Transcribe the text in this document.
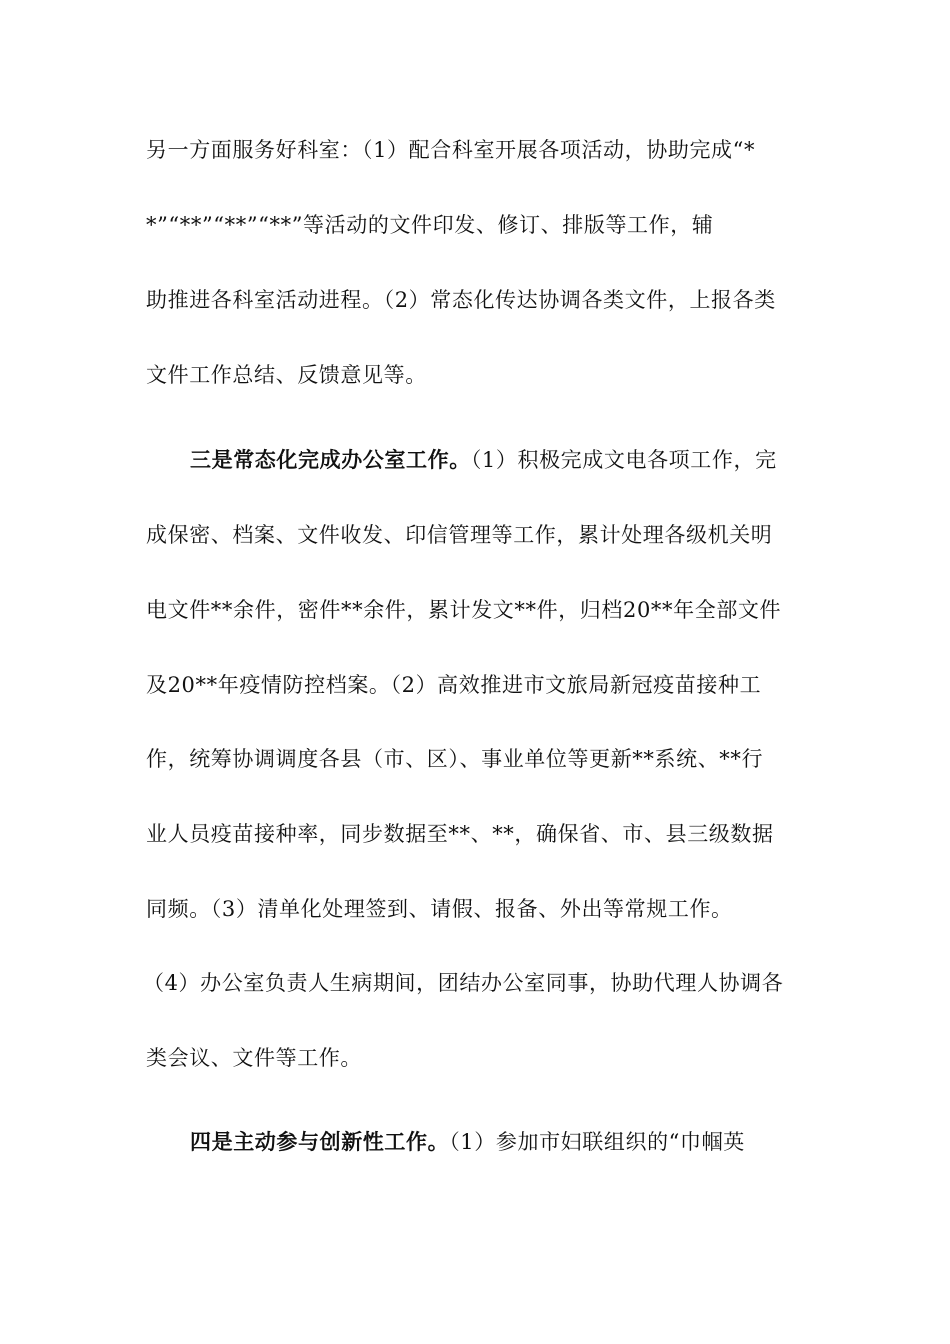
另一方面服务好科室：（1）配合科室开展各项活动，协助完成“*
*”“**”“**”“**”等活动的文件印发、修订、排版等工作，辅
助推进各科室活动进程。（2）常态化传达协调各类文件，上报各类
文件工作总结、反馈意见等。
三是常态化完成办公室工作。（1）积极完成文电各项工作，完
成保密、档案、文件收发、印信管理等工作，累计处理各级机关明
电文件**余件，密件**余件，累计发文**件，归档20**年全部文件
及20**年疫情防控档案。（2）高效推进市文旅局新冠疫苗接种工
作，统筹协调调度各县（市、区）、事业单位等更新**系统、**行
业人员疫苗接种率，同步数据至**、**，确保省、市、县三级数据
同频。（3）清单化处理签到、请假、报备、外出等常规工作。
（4）办公室负责人生病期间，团结办公室同事，协助代理人协调各
类会议、文件等工作。
四是主动参与创新性工作。（1）参加市妇联组织的“巾帼英
